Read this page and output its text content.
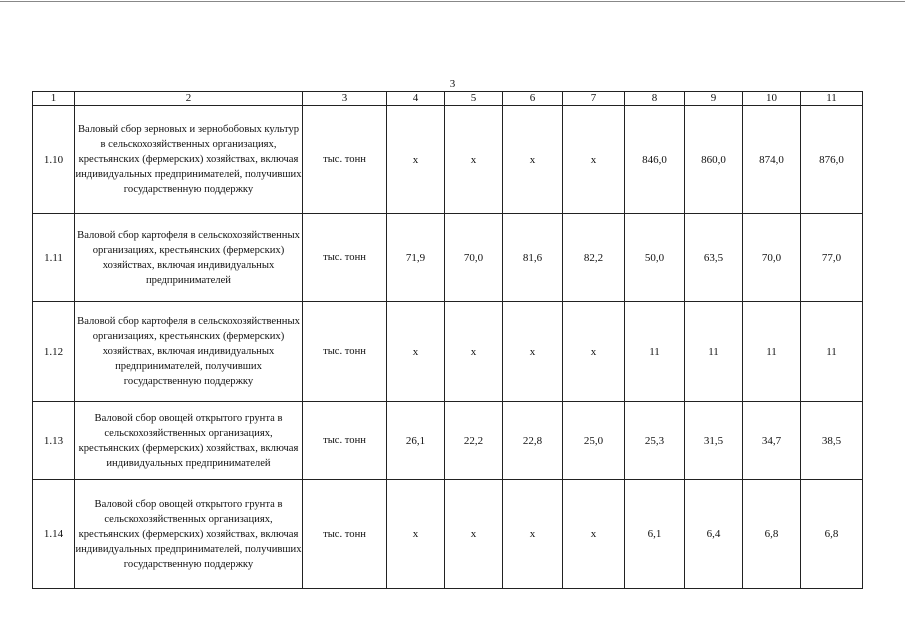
3
1	2	3	4	5	6	7	8	9	10	11
1.10	Валовый сбор зерновых и зернобобовых культур в сельскохозяйственных организациях, крестьянских (фермерских) хозяйствах, включая индивидуальных предпринимателей, получивших государственную поддержку	тыс. тонн	х	х	х	х	846,0	860,0	874,0	876,0
1.11	Валовой сбор картофеля в сельскохозяйственных организациях, крестьянских (фермерских) хозяйствах, включая индивидуальных предпринимателей	тыс. тонн	71,9	70,0	81,6	82,2	50,0	63,5	70,0	77,0
1.12	Валовой сбор картофеля в сельскохозяйственных организациях, крестьянских (фермерских) хозяйствах, включая индивидуальных предпринимателей, получивших государственную поддержку	тыс. тонн	х	х	х	х	11	11	11	11
1.13	Валовой сбор овощей открытого грунта в сельскохозяйственных организациях, крестьянских (фермерских) хозяйствах, включая индивидуальных предпринимателей	тыс. тонн	26,1	22,2	22,8	25,0	25,3	31,5	34,7	38,5
1.14	Валовой сбор овощей открытого грунта в сельскохозяйственных организациях, крестьянских (фермерских) хозяйствах, включая индивидуальных предпринимателей, получивших государственную поддержку	тыс. тонн	х	х	х	х	6,1	6,4	6,8	6,8
